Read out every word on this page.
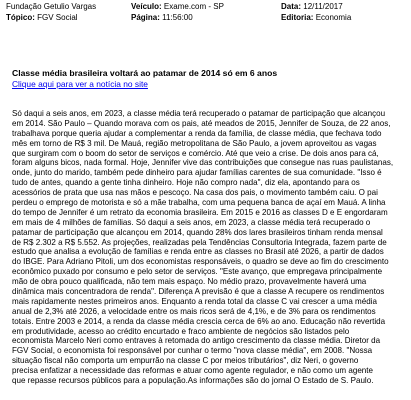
Fundação Getulio Vargas	Veículo: Exame.com - SP	Data: 12/11/2017
Tópico: FGV Social	Página: 11:56:00	Editoria: Economia
Classe média brasileira voltará ao patamar de 2014 só em 6 anos
Clique aqui para ver a notícia no site
Só daqui a seis anos, em 2023, a classe média terá recuperado o patamar de participação que alcançou
em 2014. São Paulo – Quando morava com os pais, até meados de 2015, Jennifer de Souza, de 22 anos,
trabalhava porque queria ajudar a complementar a renda da família, de classe média, que fechava todo
mês em torno de R$ 3 mil. De Mauá, região metropolitana de São Paulo, a jovem aproveitou as vagas
que surgiram com o boom do setor de serviços e comércio. Até que veio a crise. De dois anos para cá,
foram alguns bicos, nada formal. Hoje, Jennifer vive das contribuições que consegue nas ruas paulistanas,
onde, junto do marido, também pede dinheiro para ajudar famílias carentes de sua comunidade. "Isso é
tudo de antes, quando a gente tinha dinheiro. Hoje não compro nada", diz ela, apontando para os
acessórios de prata que usa nas mãos e pescoço. Na casa dos pais, o movimento também caiu. O pai
perdeu o emprego de motorista e só a mãe trabalha, com uma pequena banca de açaí em Mauá. A linha
do tempo de Jennifer é um retrato da economia brasileira. Em 2015 e 2016 as classes D e E engordaram
em mais de 4 milhões de famílias. Só daqui a seis anos, em 2023, a classe média terá recuperado o
patamar de participação que alcançou em 2014, quando 28% dos lares brasileiros tinham renda mensal
de R$ 2.302 a R$ 5.552. As projeções, realizadas pela Tendências Consultoria Integrada, fazem parte de
estudo que analisa a evolução de famílias e renda entre as classes no Brasil até 2026, a partir de dados
do IBGE. Para Adriano Pitoli, um dos economistas responsáveis, o quadro se deve ao fim do crescimento
econômico puxado por consumo e pelo setor de serviços. "Este avanço, que empregava principalmente
mão de obra pouco qualificada, não tem mais espaço. No médio prazo, provavelmente haverá uma
dinâmica mais concentradora de renda". Diferença A previsão é que a classe A recupere os rendimentos
mais rapidamente nestes primeiros anos. Enquanto a renda total da classe C vai crescer a uma média
anual de 2,3% até 2026, a velocidade entre os mais ricos será de 4,1%, e de 3% para os rendimentos
totais. Entre 2003 e 2014, a renda da classe média crescia cerca de 6% ao ano. Educação não revertida
em produtividade, acesso ao crédito encurtado e fraco ambiente de negócios são listados pelo
economista Marcelo Neri como entraves à retomada do antigo crescimento da classe média. Diretor da
FGV Social, o economista foi responsável por cunhar o termo "nova classe média", em 2008. "Nossa
situação fiscal não comporta um empurrão na classe C por meios tributários", diz Neri, o governo
precisa enfatizar a necessidade das reformas e atuar como agente regulador, e não como um agente
que repasse recursos públicos para a população.As informações são do jornal O Estado de S. Paulo.
